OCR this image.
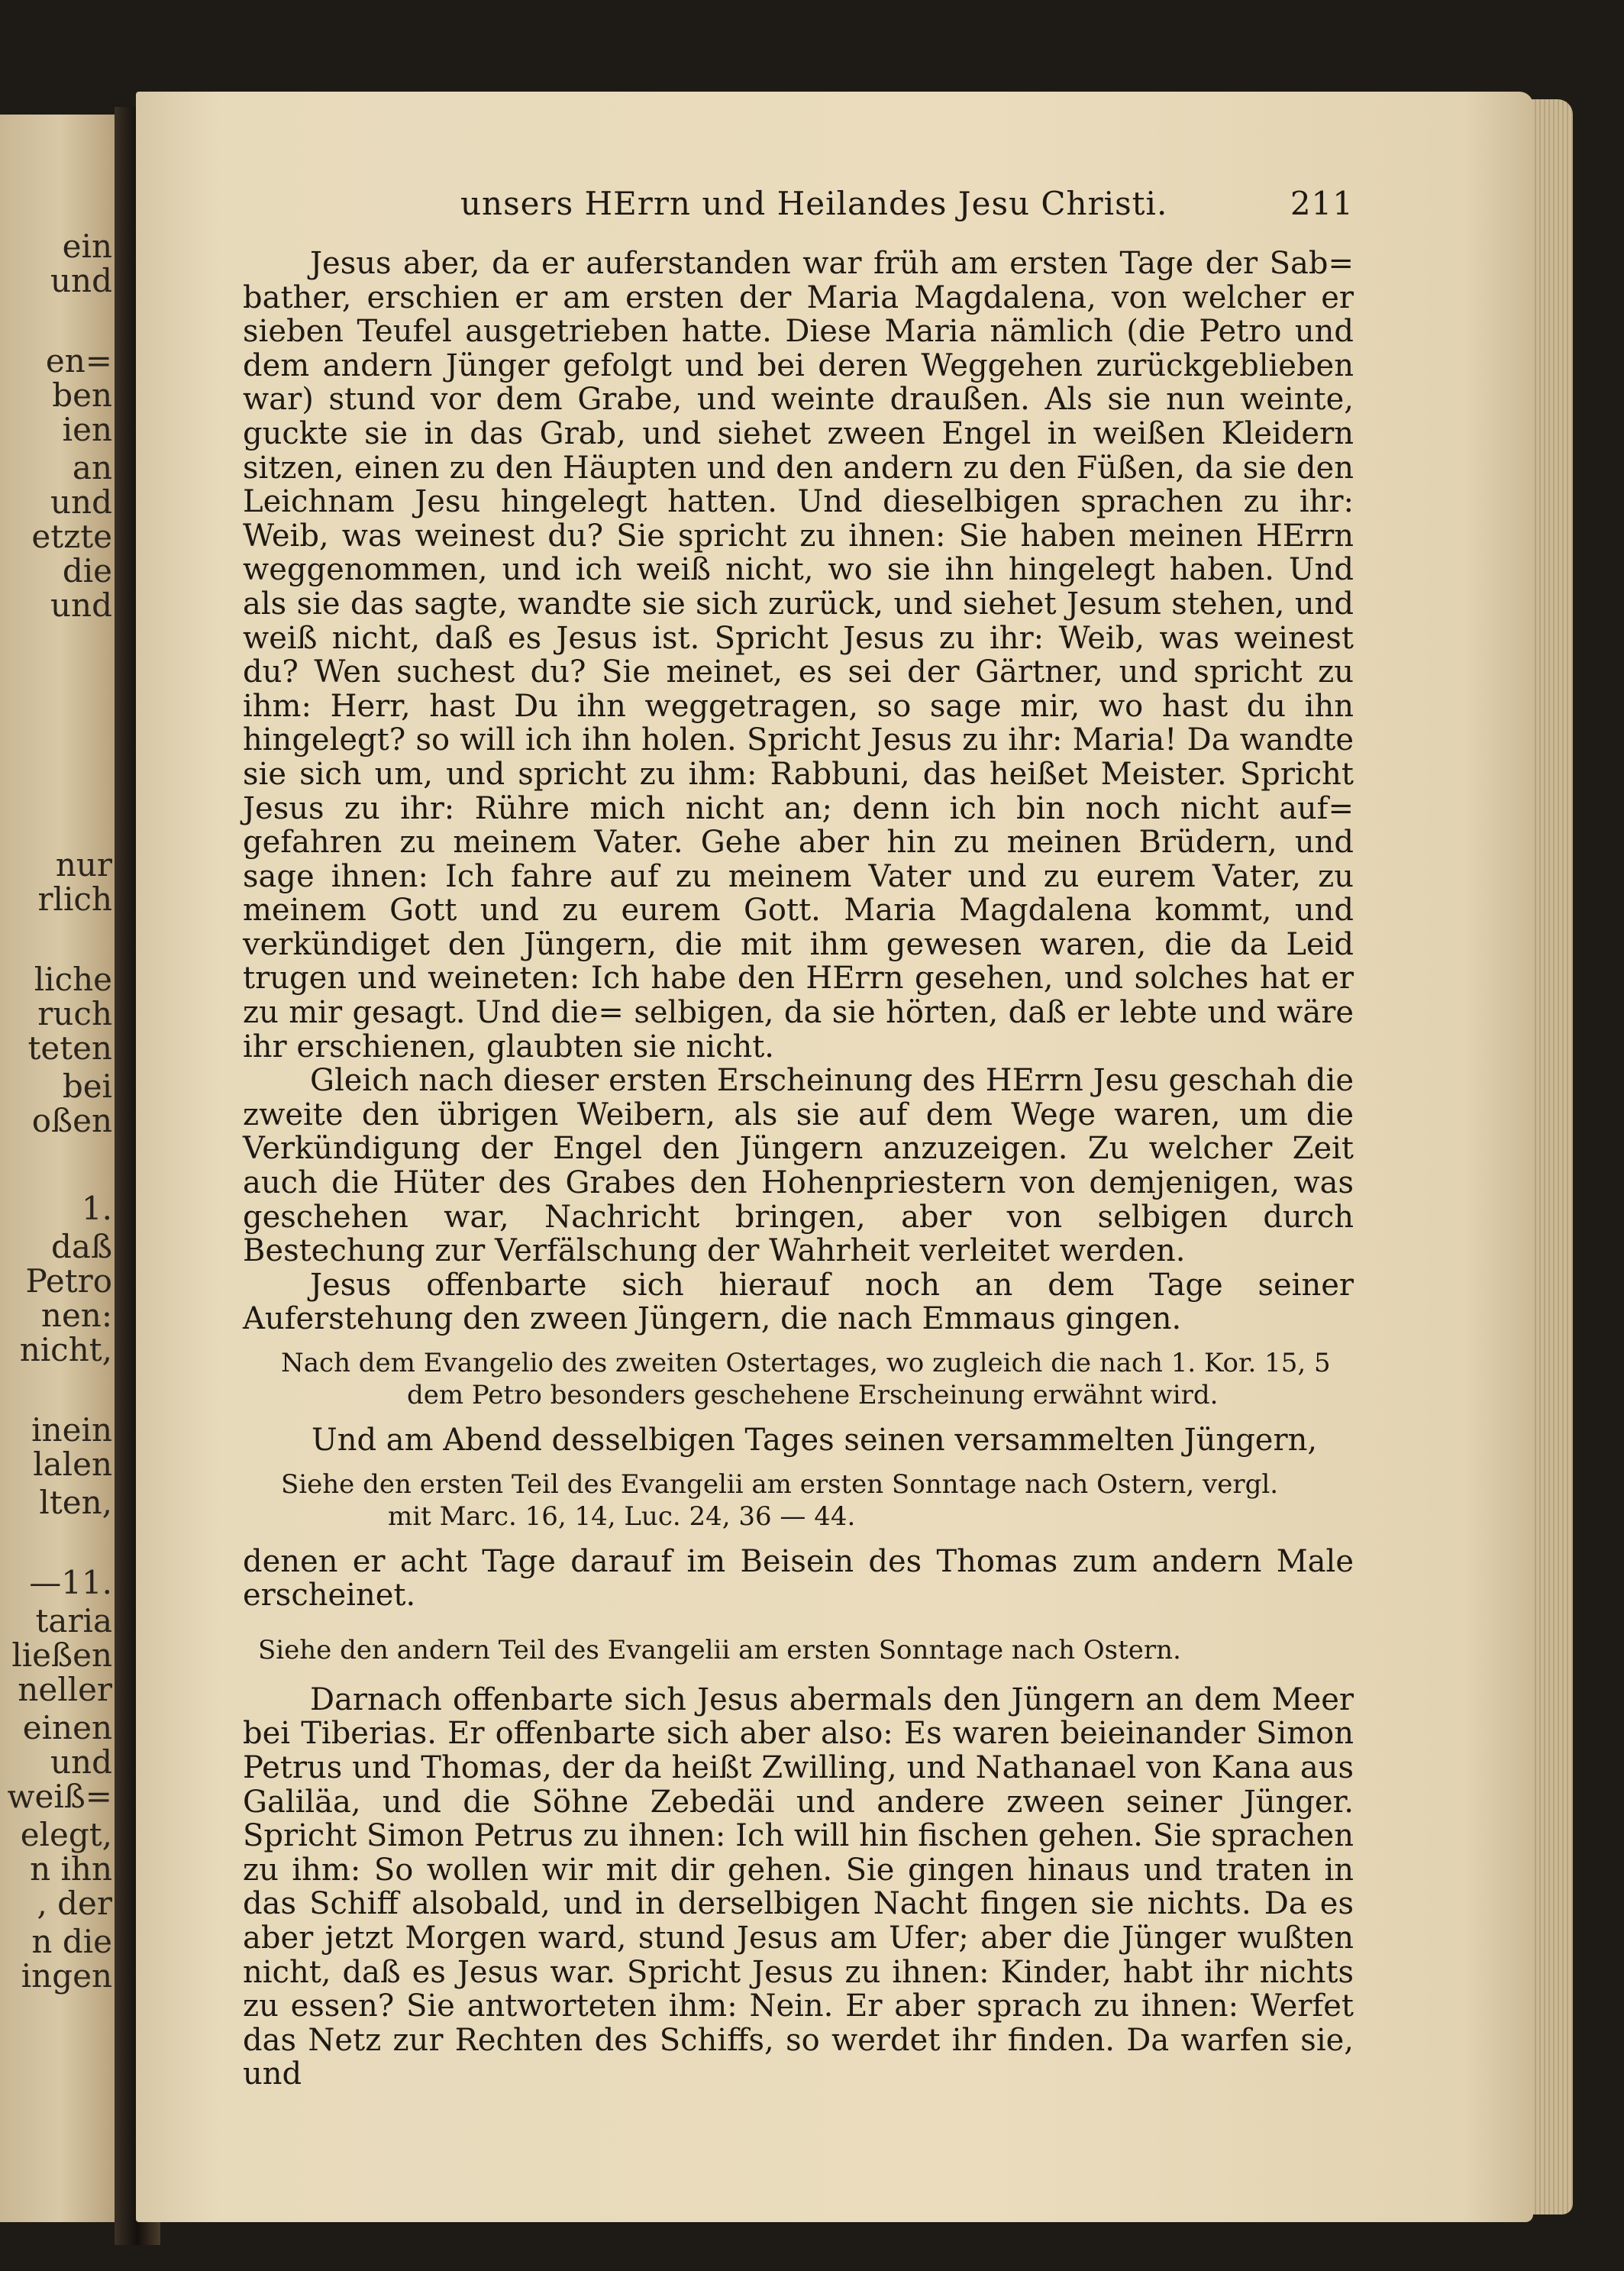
ein
und
en=
ben
ien
an
und
etzte
die
und
nur
rlich
liche
ruch
teten
bei
oßen
1.
daß
Petro
nen:
nicht,
inein
lalen
lten,
—11.
taria
ließen
neller
einen
und
weiß=
elegt,
n ihn
, der
n die
ingen
unsers HErrn und Heilandes Jesu Christi.	211

Jesus aber, da er auferstanden war früh am ersten Tage der Sab= bather, erschien er am ersten der Maria Magdalena, von welcher er sieben Teufel ausgetrieben hatte. Diese Maria nämlich (die Petro und dem andern Jünger gefolgt und bei deren Weggehen zurückgeblieben war) stund vor dem Grabe, und weinte draußen. Als sie nun weinte, guckte sie in das Grab, und siehet zween Engel in weißen Kleidern sitzen, einen zu den Häupten und den andern zu den Füßen, da sie den Leichnam Jesu hingelegt hatten. Und dieselbigen sprachen zu ihr: Weib, was weinest du? Sie spricht zu ihnen: Sie haben meinen HErrn weggenommen, und ich weiß nicht, wo sie ihn hingelegt haben. Und als sie das sagte, wandte sie sich zurück, und siehet Jesum stehen, und weiß nicht, daß es Jesus ist. Spricht Jesus zu ihr: Weib, was weinest du? Wen suchest du? Sie meinet, es sei der Gärtner, und spricht zu ihm: Herr, hast Du ihn weggetragen, so sage mir, wo hast du ihn hingelegt? so will ich ihn holen. Spricht Jesus zu ihr: Maria! Da wandte sie sich um, und spricht zu ihm: Rabbuni, das heißet Meister. Spricht Jesus zu ihr: Rühre mich nicht an; denn ich bin noch nicht auf= gefahren zu meinem Vater. Gehe aber hin zu meinen Brüdern, und sage ihnen: Ich fahre auf zu meinem Vater und zu eurem Vater, zu meinem Gott und zu eurem Gott. Maria Magdalena kommt, und verkündiget den Jüngern, die mit ihm gewesen waren, die da Leid trugen und weineten: Ich habe den HErrn gesehen, und solches hat er zu mir gesagt. Und die= selbigen, da sie hörten, daß er lebte und wäre ihr erschienen, glaubten sie nicht.

Gleich nach dieser ersten Erscheinung des HErrn Jesu geschah die zweite den übrigen Weibern, als sie auf dem Wege waren, um die Verkündigung der Engel den Jüngern anzuzeigen. Zu welcher Zeit auch die Hüter des Grabes den Hohenpriestern von demjenigen, was geschehen war, Nachricht bringen, aber von selbigen durch Bestechung zur Verfälschung der Wahrheit verleitet werden.

Jesus offenbarte sich hierauf noch an dem Tage seiner Auferstehung den zween Jüngern, die nach Emmaus gingen.

Nach dem Evangelio des zweiten Ostertages, wo zugleich die nach 1. Kor. 15, 5
dem Petro besonders geschehene Erscheinung erwähnt wird.
Und am Abend desselbigen Tages seinen versammelten Jüngern,
Siehe den ersten Teil des Evangelii am ersten Sonntage nach Ostern, vergl.
mit Marc. 16, 14, Luc. 24, 36 — 44.

denen er acht Tage darauf im Beisein des Thomas zum andern Male erscheinet.

Siehe den andern Teil des Evangelii am ersten Sonntage nach Ostern.

Darnach offenbarte sich Jesus abermals den Jüngern an dem Meer bei Tiberias. Er offenbarte sich aber also: Es waren beieinander Simon Petrus und Thomas, der da heißt Zwilling, und Nathanael von Kana aus Galiläa, und die Söhne Zebedäi und andere zween seiner Jünger. Spricht Simon Petrus zu ihnen: Ich will hin fischen gehen. Sie sprachen zu ihm: So wollen wir mit dir gehen. Sie gingen hinaus und traten in das Schiff alsobald, und in derselbigen Nacht fingen sie nichts. Da es aber jetzt Morgen ward, stund Jesus am Ufer; aber die Jünger wußten nicht, daß es Jesus war. Spricht Jesus zu ihnen: Kinder, habt ihr nichts zu essen? Sie antworteten ihm: Nein. Er aber sprach zu ihnen: Werfet das Netz zur Rechten des Schiffs, so werdet ihr finden. Da warfen sie, und
